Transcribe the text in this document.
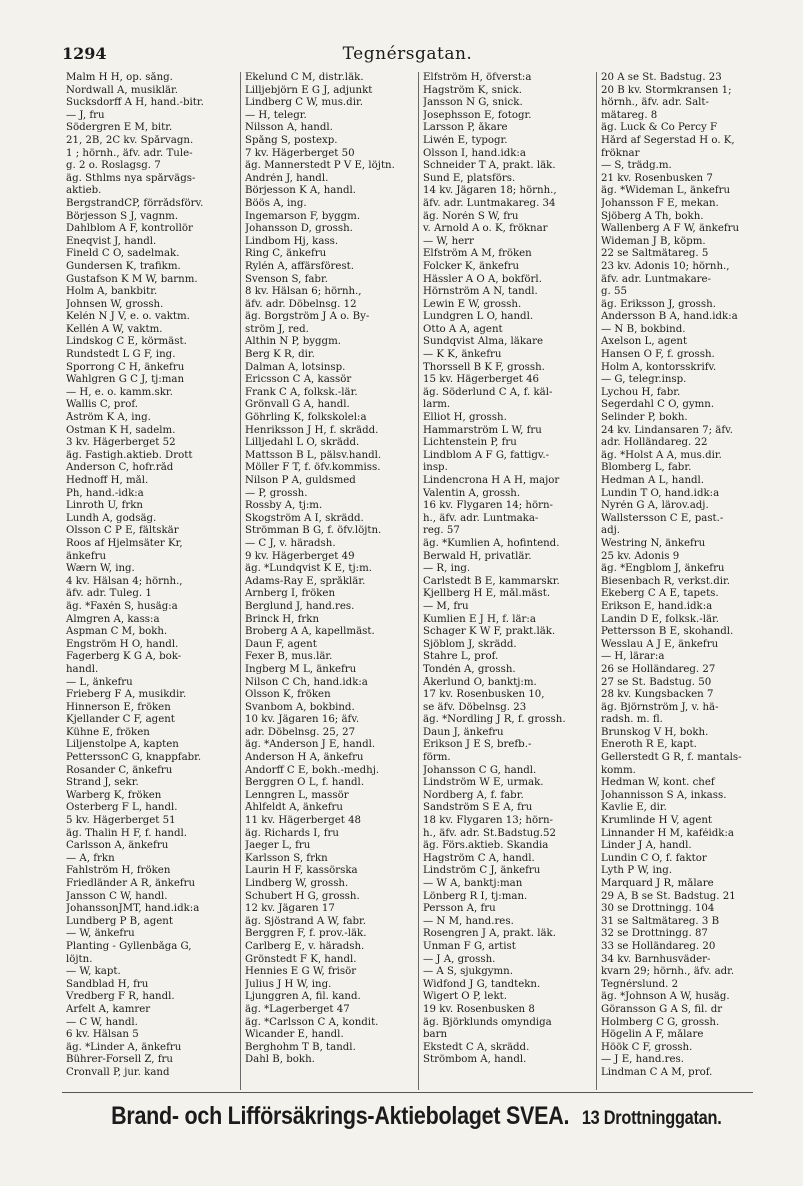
1294	Tegnérsgatan.
Malm H H, op. sång.
Nordwall A, musiklär.
Sucksdorff A H, hand.-bitr.
— J, fru
Södergren E M, bitr.
21, 2B, 2C kv. Spårvagn.
1 ; hörnh., äfv. adr. Tule-
g. 2 o. Roslagsg. 7
äg. Sthlms nya spårvägs-
aktieb.
BergstrandCP, förrådsförv.
Börjesson S J, vagnm.
Dahlblom A F, kontrollör
Eneqvist J, handl.
Fineld C O, sadelmak.
Gundersen K, trafikm.
Gustafson K M W, barnm.
Holm A, bankbitr.
Johnsen W, grossh.
Kelén N J V, e. o. vaktm.
Kellén A W, vaktm.
Lindskog C E, körmäst.
Rundstedt L G F, ing.
Sporrong C H, änkefru
Wahlgren G C J, tj:man
— H, e. o. kamm.skr.
Wallis C, prof.
Åström K A, ing.
Östman K H, sadelm.
3 kv. Hägerberget 52
äg. Fastigh.aktieb. Drott
Anderson C, hofr.råd
Hednoff H, mål.
Ph, hand.-idk:a
Linroth U, frkn
Lundh A, godsäg.
Olsson C P E, fältskär
Roos af Hjelmsäter Kr,
änkefru
Wærn W, ing.
4 kv. Hälsan 4; hörnh.,
äfv. adr. Tuleg. 1
äg. *Faxén S, husäg:a
Almgren A, kass:a
Aspman C M, bokh.
Engström H O, handl.
Fagerberg K G A, bok-
handl.
— L, änkefru
Frieberg F A, musikdir.
Hinnerson E, fröken
Kjellander C F, agent
Kühne E, fröken
Liljenstolpe A, kapten
PetterssonC G, knappfabr.
Rosander C, änkefru
Strand J, sekr.
Warberg K, fröken
Österberg F L, handl.
5 kv. Hägerberget 51
äg. Thalin H F, f. handl.
Carlsson A, änkefru
— A, frkn
Fahlström H, fröken
Friedländer A R, änkefru
Jansson C W, handl.
JohanssonJMT, hand.idk:a
Lundberg P B, agent
— W, änkefru
Planting - Gyllenbåga G,
löjtn.
— W, kapt.
Sandblad H, fru
Vredberg F R, handl.
Ärfelt A, kamrer
— C W, handl.
6 kv. Hälsan 5
äg. *Linder A, änkefru
Bührer-Forsell Z, fru
Cronvall P, jur. kand
Ekelund C M, distr.läk.
Lilljebjörn E G J, adjunkt
Lindberg C W, mus.dir.
— H, telegr.
Nilsson A, handl.
Spång S, postexp.
7 kv. Hägerberget 50
äg. Mannerstedt P V E, löjtn.
Andrén J, handl.
Börjesson K A, handl.
Böös A, ing.
Ingemarson F, byggm.
Johansson D, grossh.
Lindbom Hj, kass.
Ring C, änkefru
Rylén A, affärsförest.
Svenson S, fabr.
8 kv. Hälsan 6; hörnh.,
äfv. adr. Döbelnsg. 12
äg. Borgström J A o. By-
ström J, red.
Althin N P, byggm.
Berg K R, dir.
Dalman A, lotsinsp.
Ericsson C A, kassör
Frank C A, folksk.-lär.
Grönvall G A, handl.
Göhrling K, folkskolel:a
Henriksson J H, f. skrädd.
Lilljedahl L O, skrädd.
Mattsson B L, pälsv.handl.
Möller F T, f. öfv.kommiss.
Nilson P A, guldsmed
— P, grossh.
Rossby A, tj:m.
Skogström A I, skrädd.
Strömman B G, f. öfv.löjtn.
— C J, v. häradsh.
9 kv. Hägerberget 49
äg. *Lundqvist K E, tj:m.
Adams-Ray E, språklär.
Arnberg I, fröken
Berglund J, hand.res.
Brinck H, frkn
Broberg A A, kapellmäst.
Daun F, agent
Fexer B, mus.lär.
Ingberg M L, änkefru
Nilson C Ch, hand.idk:a
Olsson K, fröken
Svanbom A, bokbind.
10 kv. Jägaren 16; äfv.
adr. Döbelnsg. 25, 27
äg. *Anderson J E, handl.
Anderson H A, änkefru
Andorff C E, bokh.-medhj.
Berggren O L, f. handl.
Lenngren L, massör
Åhlfeldt A, änkefru
11 kv. Hägerberget 48
äg. Richards I, fru
Jaeger L, fru
Karlsson S, frkn
Laurin H F, kassörska
Lindberg W, grossh.
Schubert H G, grossh.
12 kv. Jägaren 17
äg. Sjöstrand A W, fabr.
Berggren F, f. prov.-läk.
Carlberg E, v. häradsh.
Grönstedt F K, handl.
Hennies E G W, frisör
Julius J H W, ing.
Ljunggren A, fil. kand.
äg. *Lagerberget 47
äg. *Carlsson C A, kondit.
Wicander E, handl.
Berghohm T B, tandl.
Dahl B, bokh.
Elfström H, öfverst:a
Hagström K, snick.
Jansson N G, snick.
Josephsson E, fotogr.
Larsson P, åkare
Liwén E, typogr.
Olsson I, hand.idk:a
Schneider T A, prakt. läk.
Sund E, platsförs.
14 kv. Jägaren 18; hörnh.,
äfv. adr. Luntmakareg. 34
äg. Norén S W, fru
v. Arnold A o. K, fröknar
— W, herr
Elfström A M, fröken
Folcker K, änkefru
Hässler A O A, bokförl.
Hörnström A N, tandl.
Lewin E W, grossh.
Lundgren L O, handl.
Otto A A, agent
Sundqvist Alma, läkare
— K K, änkefru
Thorssell B K F, grossh.
15 kv. Hägerberget 46
äg. Söderlund C A, f. käl-
larm.
Elliot H, grossh.
Hammarström L W, fru
Lichtenstein P, fru
Lindblom A F G, fattigv.-
insp.
Lindencrona H A H, major
Valentin A, grossh.
16 kv. Flygaren 14; hörn-
h., äfv. adr. Luntmaka-
reg. 57
äg. *Kumlien A, hofintend.
Berwald H, privatlär.
— R, ing.
Carlstedt B E, kammarskr.
Kjellberg H E, mål.mäst.
— M, fru
Kumlien E J H, f. lär:a
Schager K W F, prakt.läk.
Sjöblom J, skrädd.
Stahre L, prof.
Tondén A, grossh.
Åkerlund O, banktj:m.
17 kv. Rosenbusken 10,
se äfv. Döbelnsg. 23
äg. *Nordling J R, f. grossh.
Daun J, änkefru
Erikson J E S, brefb.-
förm.
Johansson C G, handl.
Lindström W E, urmak.
Nordberg A, f. fabr.
Sandström S E A, fru
18 kv. Flygaren 13; hörn-
h., äfv. adr. St.Badstug.52
äg. Förs.aktieb. Skandia
Hagström C A, handl.
Lindström C J, änkefru
— W A, banktj:man
Lönberg R I, tj:man.
Persson A, fru
— N M, hand.res.
Rosengren J A, prakt. läk.
Unman F G, artist
— J A, grossh.
— A S, sjukgymn.
Widfond J G, tandtekn.
Wigert O P, lekt.
19 kv. Rosenbusken 8
äg. Björklunds omyndiga
barn
Ekstedt C A, skrädd.
Strömbom A, handl.
20 A se St. Badstug. 23
20 B kv. Stormkransen 1;
hörnh., äfv. adr. Salt-
mätareg. 8
äg. Luck & Co Percy F
Hård af Segerstad H o. K,
fröknar
— S, trädg.m.
21 kv. Rosenbusken 7
äg. *Wideman L, änkefru
Johansson F E, mekan.
Sjöberg A Th, bokh.
Wallenberg A F W, änkefru
Wideman J B, köpm.
22 se Saltmätareg. 5
23 kv. Adonis 10; hörnh.,
äfv. adr. Luntmakare-
g. 55
äg. Eriksson J, grossh.
Andersson B A, hand.idk:a
— N B, bokbind.
Axelson L, agent
Hansen O F, f. grossh.
Holm A, kontorsskrifv.
— G, telegr.insp.
Lychou H, fabr.
Segerdahl C O, gymn.
Selinder P, bokh.
24 kv. Lindansaren 7; äfv.
adr. Holländareg. 22
äg. *Holst A A, mus.dir.
Blomberg L, fabr.
Hedman A L, handl.
Lundin T O, hand.idk:a
Nyrén G A, lärov.adj.
Wallstersson C E, past.-
adj.
Westring N, änkefru
25 kv. Adonis 9
äg. *Engblom J, änkefru
Biesenbach R, verkst.dir.
Ekeberg C A E, tapets.
Erikson E, hand.idk:a
Landin D E, folksk.-lär.
Pettersson B E, skohandl.
Wesslau A J E, änkefru
— H, lärar:a
26 se Holländareg. 27
27 se St. Badstug. 50
28 kv. Kungsbacken 7
äg. Björnström J, v. hä-
radsh. m. fl.
Brunskog V H, bokh.
Eneroth R E, kapt.
Gellerstedt G R, f. mantals-
komm.
Hedman W, kont. chef
Johannisson S A, inkass.
Kavlie E, dir.
Krumlinde H V, agent
Linnander H M, kaféidk:a
Linder J A, handl.
Lundin C O, f. faktor
Lyth P W, ing.
Marquard J R, målare
29 A, B se St. Badstug. 21
30 se Drottningg. 104
31 se Saltmätareg. 3 B
32 se Drottningg. 87
33 se Holländareg. 20
34 kv. Barnhusväder-
kvarn 29; hörnh., äfv. adr.
Tegnérslund. 2
äg. *Johnson A W, husäg.
Göransson G A S, fil. dr
Holmberg C G, grossh.
Högelin A F, målare
Höök C F, grossh.
— J E, hand.res.
Lindman C A M, prof.
Brand- och Lifförsäkrings-Aktiebolaget SVEA. 13 Drottninggatan.
